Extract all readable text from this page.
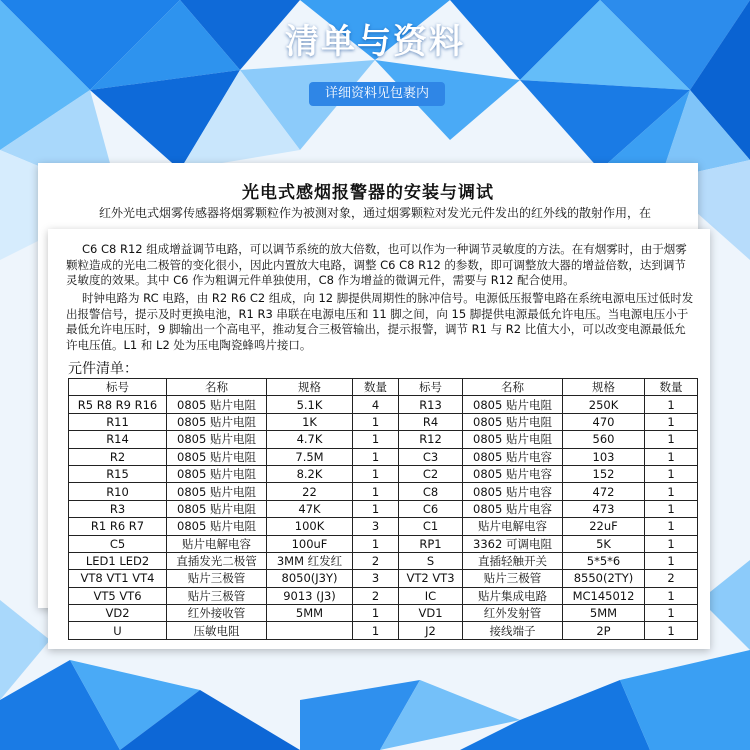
清单与资料
详细资料见包裹内
光电式感烟报警器的安装与调试
红外光电式烟雾传感器将烟雾颗粒作为被测对象，通过烟雾颗粒对发光元件发出的红外线的散射作用，在
C6 C8 R12 组成增益调节电路，可以调节系统的放大倍数，也可以作为一种调节灵敏度的方法。在有烟雾时，由于烟雾颗粒造成的光电二极管的变化很小，因此内置放大电路，调整 C6 C8 R12 的参数，即可调整放大器的增益倍数，达到调节灵敏度的效果。其中 C6 作为粗调元件单独使用，C8 作为增益的微调元件，需要与 R12 配合使用。
时钟电路为 RC 电路，由 R2 R6 C2 组成，向 12 脚提供周期性的脉冲信号。电源低压报警电路在系统电源电压过低时发出报警信号，提示及时更换电池，R1 R3 串联在电源电压和 11 脚之间，向 15 脚提供电源最低允许电压。当电源电压小于最低允许电压时，9 脚输出一个高电平，推动复合三极管输出，提示报警，调节 R1 与 R2 比值大小，可以改变电源最低允许电压值。L1 和 L2 处为压电陶瓷蜂鸣片接口。
元件清单：
标号	名称	规格	数量	标号	名称	规格	数量
R5 R8 R9 R16	0805 贴片电阻	5.1K	4	R13	0805 贴片电阻	250K	1
R11	0805 贴片电阻	1K	1	R4	0805 贴片电阻	470	1
R14	0805 贴片电阻	4.7K	1	R12	0805 贴片电阻	560	1
R2	0805 贴片电阻	7.5M	1	C3	0805 贴片电容	103	1
R15	0805 贴片电阻	8.2K	1	C2	0805 贴片电容	152	1
R10	0805 贴片电阻	22	1	C8	0805 贴片电容	472	1
R3	0805 贴片电阻	47K	1	C6	0805 贴片电容	473	1
R1 R6 R7	0805 贴片电阻	100K	3	C1	贴片电解电容	22uF	1
C5	贴片电解电容	100uF	1	RP1	3362 可调电阻	5K	1
LED1 LED2	直插发光二极管	3MM 红发红	2	S	直插轻触开关	5*5*6	1
VT8 VT1 VT4	贴片三极管	8050(J3Y)	3	VT2 VT3	贴片三极管	8550(2TY)	2
VT5 VT6	贴片三极管	9013 (J3)	2	IC	贴片集成电路	MC145012	1
VD2	红外接收管	5MM	1	VD1	红外发射管	5MM	1
U	压敏电阻		1	J2	接线端子	2P	1
